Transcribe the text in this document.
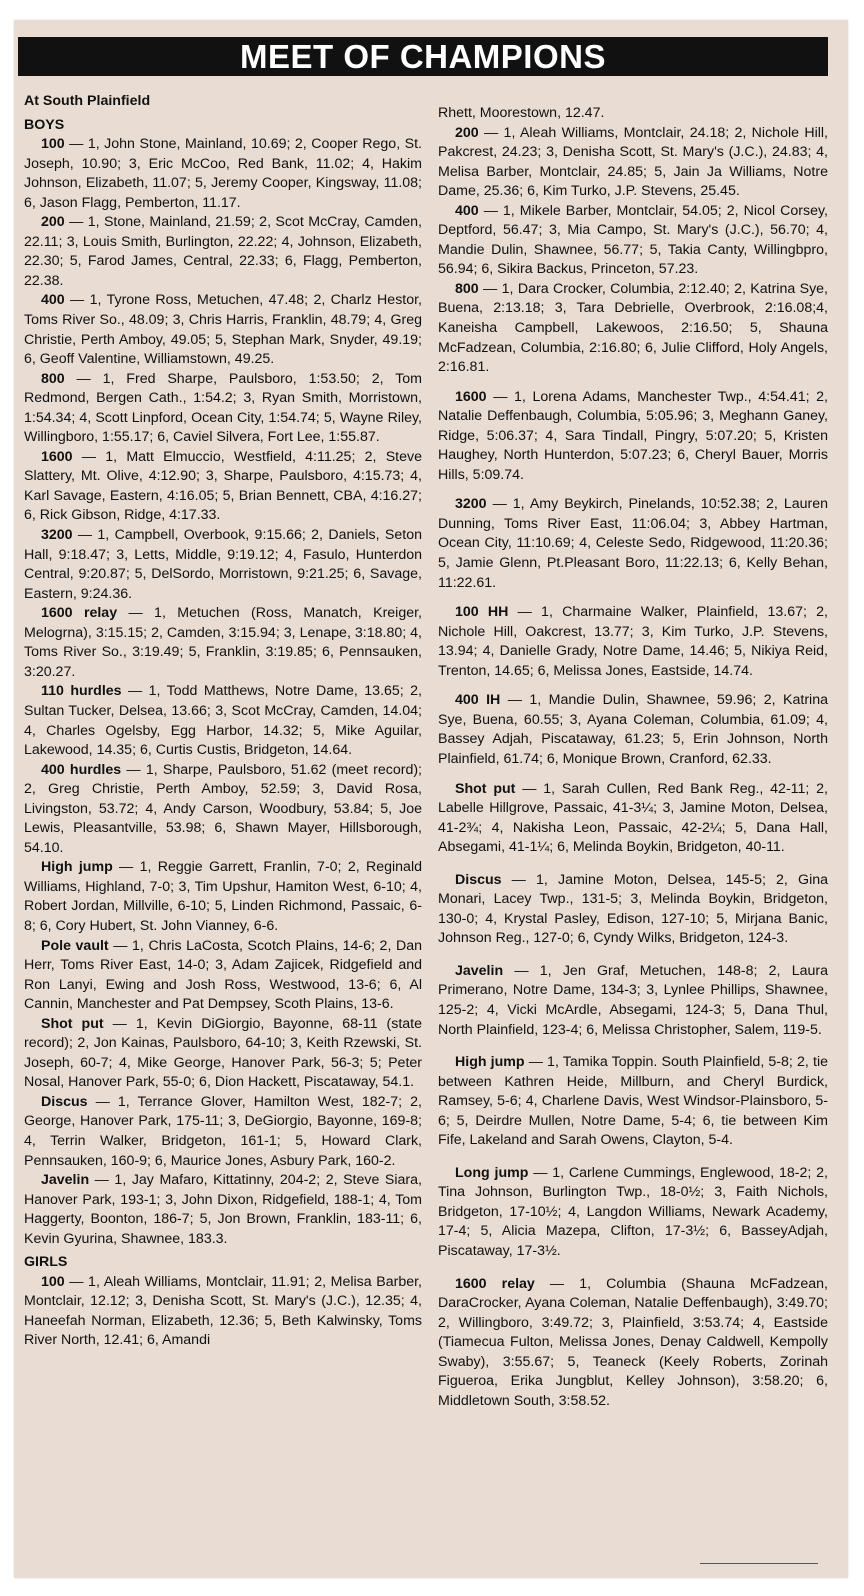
MEET OF CHAMPIONS

At South Plainfield

BOYS

100 — 1, John Stone, Mainland, 10.69; 2, Cooper Rego, St. Joseph, 10.90; 3, Eric McCoo, Red Bank, 11.02; 4, Hakim Johnson, Elizabeth, 11.07; 5, Jeremy Cooper, Kingsway, 11.08; 6, Jason Flagg, Pemberton, 11.17.

200 — 1, Stone, Mainland, 21.59; 2, Scot McCray, Camden, 22.11; 3, Louis Smith, Burlington, 22.22; 4, Johnson, Elizabeth, 22.30; 5, Farod James, Central, 22.33; 6, Flagg, Pemberton, 22.38.

400 — 1, Tyrone Ross, Metuchen, 47.48; 2, Charlz Hestor, Toms River So., 48.09; 3, Chris Harris, Franklin, 48.79; 4, Greg Christie, Perth Amboy, 49.05; 5, Stephan Mark, Snyder, 49.19; 6, Geoff Valentine, Williamstown, 49.25.

800 — 1, Fred Sharpe, Paulsboro, 1:53.50; 2, Tom Redmond, Bergen Cath., 1:54.2; 3, Ryan Smith, Morristown, 1:54.34; 4, Scott Linpford, Ocean City, 1:54.74; 5, Wayne Riley, Willingboro, 1:55.17; 6, Caviel Silvera, Fort Lee, 1:55.87.

1600 — 1, Matt Elmuccio, Westfield, 4:11.25; 2, Steve Slattery, Mt. Olive, 4:12.90; 3, Sharpe, Paulsboro, 4:15.73; 4, Karl Savage, Eastern, 4:16.05; 5, Brian Bennett, CBA, 4:16.27; 6, Rick Gibson, Ridge, 4:17.33.

3200 — 1, Campbell, Overbook, 9:15.66; 2, Daniels, Seton Hall, 9:18.47; 3, Letts, Middle, 9:19.12; 4, Fasulo, Hunterdon Central, 9:20.87; 5, DelSordo, Morristown, 9:21.25; 6, Savage, Eastern, 9:24.36.

1600 relay — 1, Metuchen (Ross, Manatch, Kreiger, Melogrna), 3:15.15; 2, Camden, 3:15.94; 3, Lenape, 3:18.80; 4, Toms River So., 3:19.49; 5, Franklin, 3:19.85; 6, Pennsauken, 3:20.27.

110 hurdles — 1, Todd Matthews, Notre Dame, 13.65; 2, Sultan Tucker, Delsea, 13.66; 3, Scot McCray, Camden, 14.04; 4, Charles Ogelsby, Egg Harbor, 14.32; 5, Mike Aguilar, Lakewood, 14.35; 6, Curtis Custis, Bridgeton, 14.64.

400 hurdles — 1, Sharpe, Paulsboro, 51.62 (meet record); 2, Greg Christie, Perth Amboy, 52.59; 3, David Rosa, Livingston, 53.72; 4, Andy Carson, Woodbury, 53.84; 5, Joe Lewis, Pleasantville, 53.98; 6, Shawn Mayer, Hillsborough, 54.10.

High jump — 1, Reggie Garrett, Franlin, 7-0; 2, Reginald Williams, Highland, 7-0; 3, Tim Upshur, Hamiton West, 6-10; 4, Robert Jordan, Millville, 6-10; 5, Linden Richmond, Passaic, 6-8; 6, Cory Hubert, St. John Vianney, 6-6.

Pole vault — 1, Chris LaCosta, Scotch Plains, 14-6; 2, Dan Herr, Toms River East, 14-0; 3, Adam Zajicek, Ridgefield and Ron Lanyi, Ewing and Josh Ross, Westwood, 13-6; 6, Al Cannin, Manchester and Pat Dempsey, Scoth Plains, 13-6.

Shot put — 1, Kevin DiGiorgio, Bayonne, 68-11 (state record); 2, Jon Kainas, Paulsboro, 64-10; 3, Keith Rzewski, St. Joseph, 60-7; 4, Mike George, Hanover Park, 56-3; 5; Peter Nosal, Hanover Park, 55-0; 6, Dion Hackett, Piscataway, 54.1.

Discus — 1, Terrance Glover, Hamilton West, 182-7; 2, George, Hanover Park, 175-11; 3, DeGiorgio, Bayonne, 169-8; 4, Terrin Walker, Bridgeton, 161-1; 5, Howard Clark, Pennsauken, 160-9; 6, Maurice Jones, Asbury Park, 160-2.

Javelin — 1, Jay Mafaro, Kittatinny, 204-2; 2, Steve Siara, Hanover Park, 193-1; 3, John Dixon, Ridgefield, 188-1; 4, Tom Haggerty, Boonton, 186-7; 5, Jon Brown, Franklin, 183-11; 6, Kevin Gyurina, Shawnee, 183.3.

GIRLS

100 — 1, Aleah Williams, Montclair, 11.91; 2, Melisa Barber, Montclair, 12.12; 3, Denisha Scott, St. Mary's (J.C.), 12.35; 4, Haneefah Norman, Elizabeth, 12.36; 5, Beth Kalwinsky, Toms River North, 12.41; 6, Amandi

Rhett, Moorestown, 12.47.

200 — 1, Aleah Williams, Montclair, 24.18; 2, Nichole Hill, Pakcrest, 24.23; 3, Denisha Scott, St. Mary's (J.C.), 24.83; 4, Melisa Barber, Montclair, 24.85; 5, Jain Ja Williams, Notre Dame, 25.36; 6, Kim Turko, J.P. Stevens, 25.45.

400 — 1, Mikele Barber, Montclair, 54.05; 2, Nicol Corsey, Deptford, 56.47; 3, Mia Campo, St. Mary's (J.C.), 56.70; 4, Mandie Dulin, Shawnee, 56.77; 5, Takia Canty, Willingbpro, 56.94; 6, Sikira Backus, Princeton, 57.23.

800 — 1, Dara Crocker, Columbia, 2:12.40; 2, Katrina Sye, Buena, 2:13.18; 3, Tara Debrielle, Overbrook, 2:16.08;4, Kaneisha Campbell, Lakewoos, 2:16.50; 5, Shauna McFadzean, Columbia, 2:16.80; 6, Julie Clifford, Holy Angels, 2:16.81.

1600 — 1, Lorena Adams, Manchester Twp., 4:54.41; 2, Natalie Deffenbaugh, Columbia, 5:05.96; 3, Meghann Ganey, Ridge, 5:06.37; 4, Sara Tindall, Pingry, 5:07.20; 5, Kristen Haughey, North Hunterdon, 5:07.23; 6, Cheryl Bauer, Morris Hills, 5:09.74.

3200 — 1, Amy Beykirch, Pinelands, 10:52.38; 2, Lauren Dunning, Toms River East, 11:06.04; 3, Abbey Hartman, Ocean City, 11:10.69; 4, Celeste Sedo, Ridgewood, 11:20.36; 5, Jamie Glenn, Pt.Pleasant Boro, 11:22.13; 6, Kelly Behan, 11:22.61.

100 HH — 1, Charmaine Walker, Plainfield, 13.67; 2, Nichole Hill, Oakcrest, 13.77; 3, Kim Turko, J.P. Stevens, 13.94; 4, Danielle Grady, Notre Dame, 14.46; 5, Nikiya Reid, Trenton, 14.65; 6, Melissa Jones, Eastside, 14.74.

400 IH — 1, Mandie Dulin, Shawnee, 59.96; 2, Katrina Sye, Buena, 60.55; 3, Ayana Coleman, Columbia, 61.09; 4, Bassey Adjah, Piscataway, 61.23; 5, Erin Johnson, North Plainfield, 61.74; 6, Monique Brown, Cranford, 62.33.

Shot put — 1, Sarah Cullen, Red Bank Reg., 42-11; 2, Labelle Hillgrove, Passaic, 41-3¼; 3, Jamine Moton, Delsea, 41-2¾; 4, Nakisha Leon, Passaic, 42-2¼; 5, Dana Hall, Absegami, 41-1¼; 6, Melinda Boykin, Bridgeton, 40-11.

Discus — 1, Jamine Moton, Delsea, 145-5; 2, Gina Monari, Lacey Twp., 131-5; 3, Melinda Boykin, Bridgeton, 130-0; 4, Krystal Pasley, Edison, 127-10; 5, Mirjana Banic, Johnson Reg., 127-0; 6, Cyndy Wilks, Bridgeton, 124-3.

Javelin — 1, Jen Graf, Metuchen, 148-8; 2, Laura Primerano, Notre Dame, 134-3; 3, Lynlee Phillips, Shawnee, 125-2; 4, Vicki McArdle, Absegami, 124-3; 5, Dana Thul, North Plainfield, 123-4; 6, Melissa Christopher, Salem, 119-5.

High jump — 1, Tamika Toppin. South Plainfield, 5-8; 2, tie between Kathren Heide, Millburn, and Cheryl Burdick, Ramsey, 5-6; 4, Charlene Davis, West Windsor-Plainsboro, 5-6; 5, Deirdre Mullen, Notre Dame, 5-4; 6, tie between Kim Fife, Lakeland and Sarah Owens, Clayton, 5-4.

Long jump — 1, Carlene Cummings, Englewood, 18-2; 2, Tina Johnson, Burlington Twp., 18-0½; 3, Faith Nichols, Bridgeton, 17-10½; 4, Langdon Williams, Newark Academy, 17-4; 5, Alicia Mazepa, Clifton, 17-3½; 6, BasseyAdjah, Piscataway, 17-3½.

1600 relay — 1, Columbia (Shauna McFadzean, DaraCrocker, Ayana Coleman, Natalie Deffenbaugh), 3:49.70; 2, Willingboro, 3:49.72; 3, Plainfield, 3:53.74; 4, Eastside (Tiamecua Fulton, Melissa Jones, Denay Caldwell, Kempolly Swaby), 3:55.67; 5, Teaneck (Keely Roberts, Zorinah Figueroa, Erika Jungblut, Kelley Johnson), 3:58.20; 6, Middletown South, 3:58.52.
